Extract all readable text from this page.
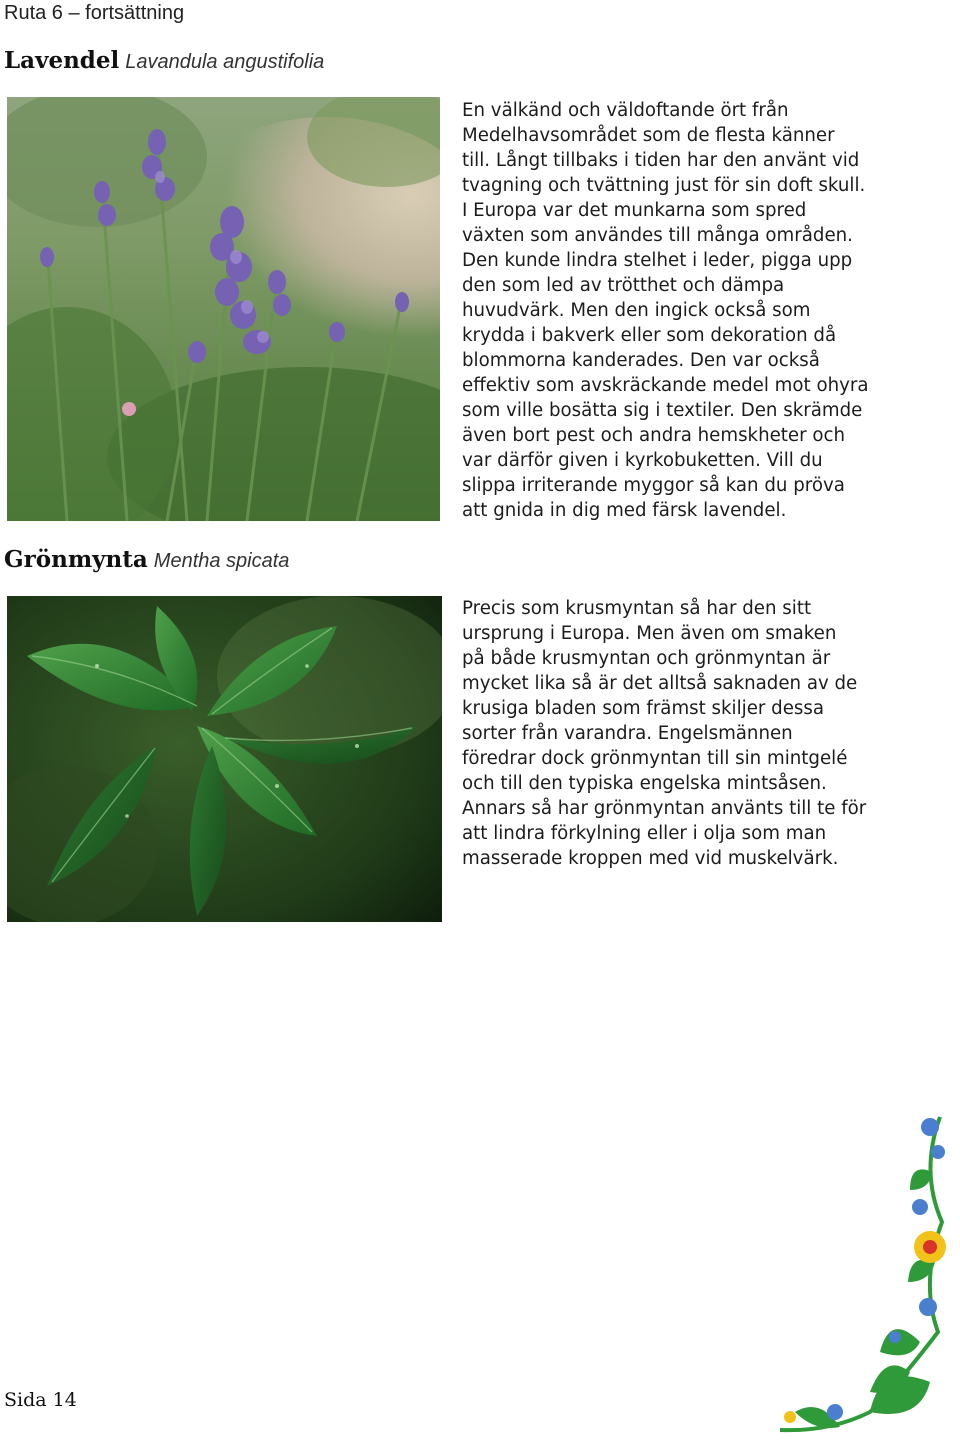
Ruta 6 – fortsättning
Lavendel Lavandula angustifolia
En välkänd och väldoftande ört från
Medelhavsområdet som de flesta känner
till. Långt tillbaks i tiden har den använt vid
tvagning och tvättning just för sin doft skull.
I Europa var det munkarna som spred
växten som användes till många områden.
Den kunde lindra stelhet i leder, pigga upp
den som led av trötthet och dämpa
huvudvärk. Men den ingick också som
krydda i bakverk eller som dekoration då
blommorna kanderades. Den var också
effektiv som avskräckande medel mot ohyra
som ville bosätta sig i textiler. Den skrämde
även bort pest och andra hemskheter och
var därför given i kyrkobuketten. Vill du
slippa irriterande myggor så kan du pröva
att gnida in dig med färsk lavendel.
Grönmynta Mentha spicata
Precis som krusmyntan så har den sitt
ursprung i Europa. Men även om smaken
på både krusmyntan och grönmyntan är
mycket lika så är det alltså saknaden av de
krusiga bladen som främst skiljer dessa
sorter från varandra. Engelsmännen
föredrar dock grönmyntan till sin mintgelé
och till den typiska engelska mintsåsen.
Annars så har grönmyntan använts till te för
att lindra förkylning eller i olja som man
masserade kroppen med vid muskelvärk.
Sida 14
